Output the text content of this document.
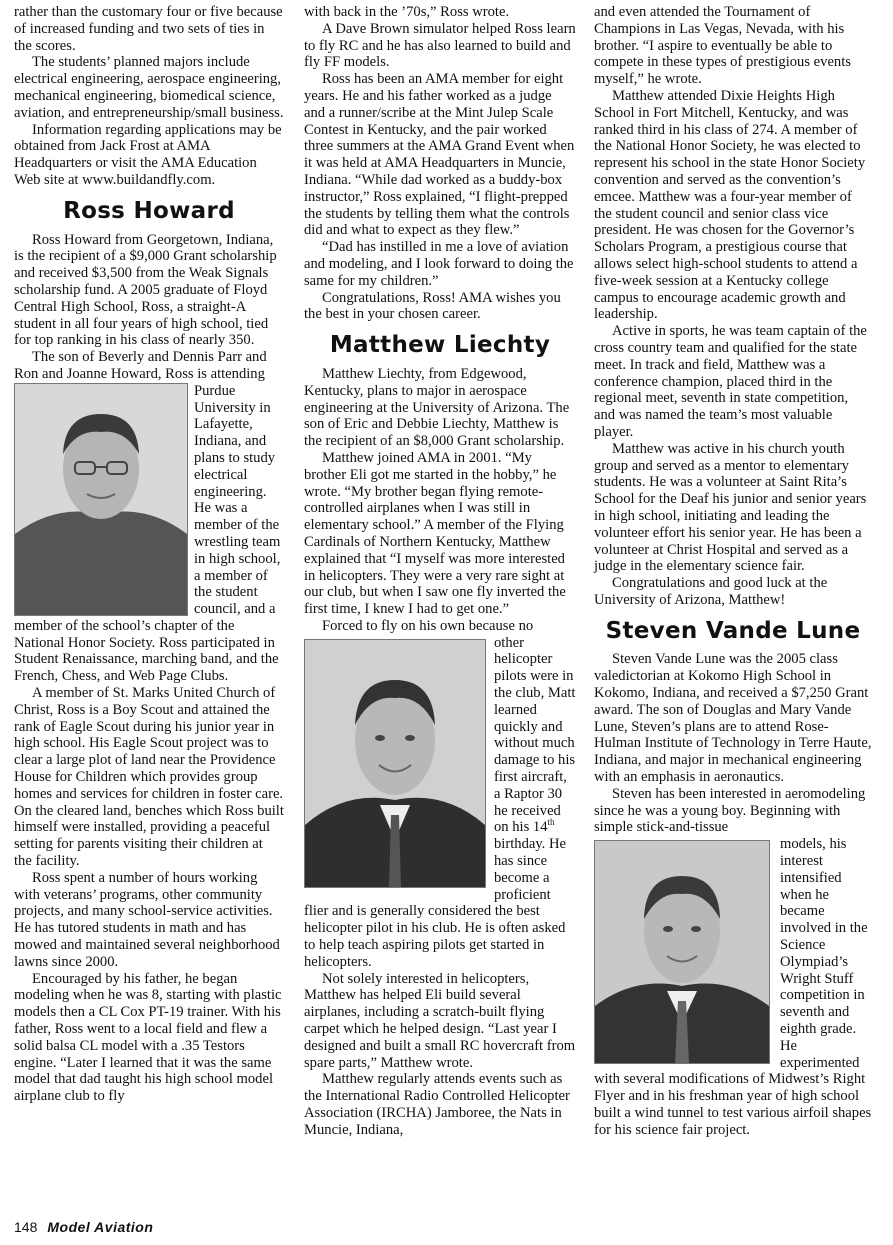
rather than the customary four or five because of increased funding and two sets of ties in the scores.

The students’ planned majors include electrical engineering, aerospace engineering, mechanical engineering, biomedical science, aviation, and entrepreneurship/small business.

Information regarding applications may be obtained from Jack Frost at AMA Headquarters or visit the AMA Education Web site at www.buildandfly.com.

Ross Howard

Ross Howard from Georgetown, Indiana, is the recipient of a $9,000 Grant scholarship and received $3,500 from the Weak Signals scholarship fund. A 2005 graduate of Floyd Central High School, Ross, a straight-A student in all four years of high school, tied for top ranking in his class of nearly 350.

The son of Beverly and Dennis Parr and Ron and Joanne Howard, Ross is attending

Purdue University in Lafayette, Indiana, and plans to study electrical engineering. He was a member of the wrestling team in high school, a member of the student council, and a member of the school’s chapter of the National Honor Society. Ross participated in Student Renaissance, marching band, and the French, Chess, and Web Page Clubs.

A member of St. Marks United Church of Christ, Ross is a Boy Scout and attained the rank of Eagle Scout during his junior year in high school. His Eagle Scout project was to clear a large plot of land near the Providence House for Children which provides group homes and services for children in foster care. On the cleared land, benches which Ross built himself were installed, providing a peaceful setting for parents visiting their children at the facility.

Ross spent a number of hours working with veterans’ programs, other community projects, and many school-service activities. He has tutored students in math and has mowed and maintained several neighborhood lawns since 2000.

Encouraged by his father, he began modeling when he was 8, starting with plastic models then a CL Cox PT-19 trainer. With his father, Ross went to a local field and flew a solid balsa CL model with a .35 Testors engine. “Later I learned that it was the same model that dad taught his high school model airplane club to fly

with back in the ’70s,” Ross wrote.

A Dave Brown simulator helped Ross learn to fly RC and he has also learned to build and fly FF models.

Ross has been an AMA member for eight years. He and his father worked as a judge and a runner/scribe at the Mint Julep Scale Contest in Kentucky, and the pair worked three summers at the AMA Grand Event when it was held at AMA Headquarters in Muncie, Indiana. “While dad worked as a buddy-box instructor,” Ross explained, “I flight-prepped the students by telling them what the controls did and what to expect as they flew.”

“Dad has instilled in me a love of aviation and modeling, and I look forward to doing the same for my children.”

Congratulations, Ross! AMA wishes you the best in your chosen career.

Matthew Liechty

Matthew Liechty, from Edgewood, Kentucky, plans to major in aerospace engineering at the University of Arizona. The son of Eric and Debbie Liechty, Matthew is the recipient of an $8,000 Grant scholarship.

Matthew joined AMA in 2001. “My brother Eli got me started in the hobby,” he wrote. “My brother began flying remote-controlled airplanes when I was still in elementary school.” A member of the Flying Cardinals of Northern Kentucky, Matthew explained that “I myself was more interested in helicopters. They were a very rare sight at our club, but when I saw one fly inverted the first time, I knew I had to get one.”

Forced to fly on his own because no

other helicopter pilots were in the club, Matt learned quickly and without much damage to his first aircraft, a Raptor 30 he received on his 14th birthday. He has since become a proficient flier and is generally considered the best helicopter pilot in his club. He is often asked to help teach aspiring pilots get started in helicopters.

Not solely interested in helicopters, Matthew has helped Eli build several airplanes, including a scratch-built flying carpet which he helped design. “Last year I designed and built a small RC hovercraft from spare parts,” Matthew wrote.

Matthew regularly attends events such as the International Radio Controlled Helicopter Association (IRCHA) Jamboree, the Nats in Muncie, Indiana,

and even attended the Tournament of Champions in Las Vegas, Nevada, with his brother. “I aspire to eventually be able to compete in these types of prestigious events myself,” he wrote.

Matthew attended Dixie Heights High School in Fort Mitchell, Kentucky, and was ranked third in his class of 274. A member of the National Honor Society, he was elected to represent his school in the state Honor Society convention and served as the convention’s emcee. Matthew was a four-year member of the student council and senior class vice president. He was chosen for the Governor’s Scholars Program, a prestigious course that allows select high-school students to attend a five-week session at a Kentucky college campus to encourage academic growth and leadership.

Active in sports, he was team captain of the cross country team and qualified for the state meet. In track and field, Matthew was a conference champion, placed third in the regional meet, seventh in state competition, and was named the team’s most valuable player.

Matthew was active in his church youth group and served as a mentor to elementary students. He was a volunteer at Saint Rita’s School for the Deaf his junior and senior years in high school, initiating and leading the volunteer effort his senior year. He has been a volunteer at Christ Hospital and served as a judge in the elementary science fair.

Congratulations and good luck at the University of Arizona, Matthew!

Steven Vande Lune

Steven Vande Lune was the 2005 class valedictorian at Kokomo High School in Kokomo, Indiana, and received a $7,250 Grant award. The son of Douglas and Mary Vande Lune, Steven’s plans are to attend Rose-Hulman Institute of Technology in Terre Haute, Indiana, and major in mechanical engineering with an emphasis in aeronautics.

Steven has been interested in aeromodeling since he was a young boy. Beginning with simple stick-and-tissue

models, his interest intensified when he became involved in the Science Olympiad’s Wright Stuff competition in seventh and eighth grade. He experimented with several modifications of Midwest’s Right Flyer and in his freshman year of high school built a wind tunnel to test various airfoil shapes for his science fair project.

148 Model Aviation
